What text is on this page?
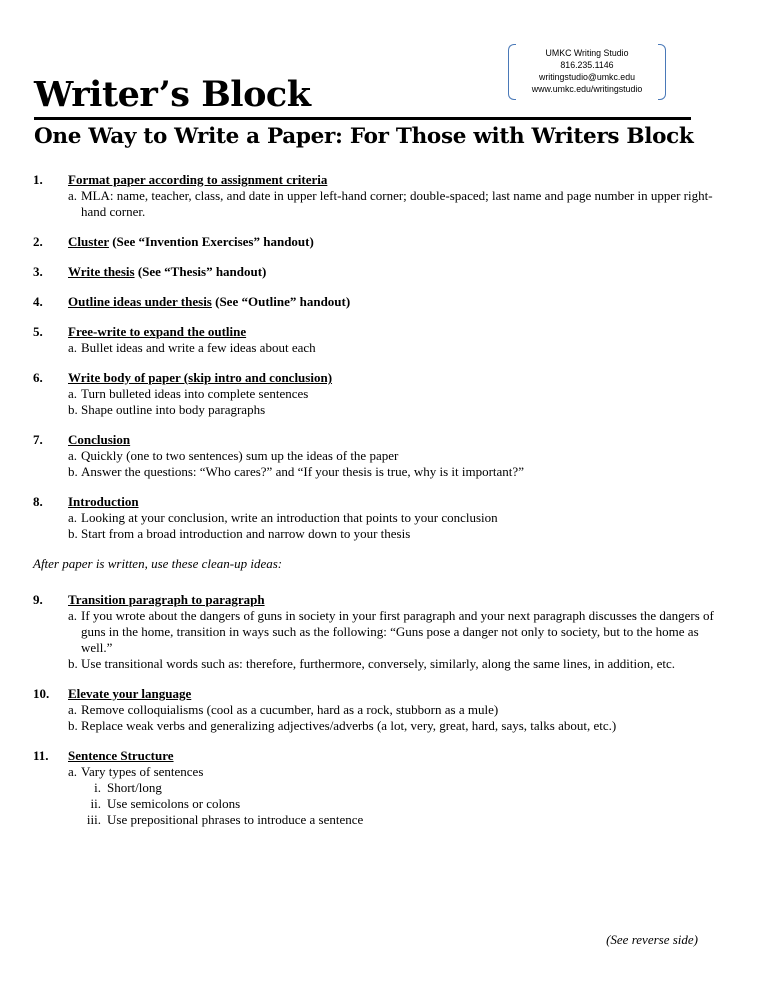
UMKC Writing Studio
816.235.1146
writingstudio@umkc.edu
www.umkc.edu/writingstudio
Writer’s Block
One Way to Write a Paper: For Those with Writers Block
1.	Format paper according to assignment criteria
a. MLA: name, teacher, class, and date in upper left-hand corner; double-spaced; last name and page number in upper right-hand corner.
2.	Cluster (See “Invention Exercises” handout)
3.	Write thesis (See “Thesis” handout)
4.	Outline ideas under thesis (See “Outline” handout)
5.	Free-write to expand the outline
a. Bullet ideas and write a few ideas about each
6.	Write body of paper (skip intro and conclusion)
a. Turn bulleted ideas into complete sentences
b. Shape outline into body paragraphs
7.	Conclusion
a. Quickly (one to two sentences) sum up the ideas of the paper
b. Answer the questions: “Who cares?” and “If your thesis is true, why is it important?”
8.	Introduction
a. Looking at your conclusion, write an introduction that points to your conclusion
b. Start from a broad introduction and narrow down to your thesis
After paper is written, use these clean-up ideas:
9.	Transition paragraph to paragraph
a. If you wrote about the dangers of guns in society in your first paragraph and your next paragraph discusses the dangers of guns in the home, transition in ways such as the following: “Guns pose a danger not only to society, but to the home as well.”
b. Use transitional words such as: therefore, furthermore, conversely, similarly, along the same lines, in addition, etc.
10.	Elevate your language
a. Remove colloquialisms (cool as a cucumber, hard as a rock, stubborn as a mule)
b. Replace weak verbs and generalizing adjectives/adverbs (a lot, very, great, hard, says, talks about, etc.)
11.	Sentence Structure
a. Vary types of sentences
i. Short/long
ii. Use semicolons or colons
iii. Use prepositional phrases to introduce a sentence
(See reverse side)
